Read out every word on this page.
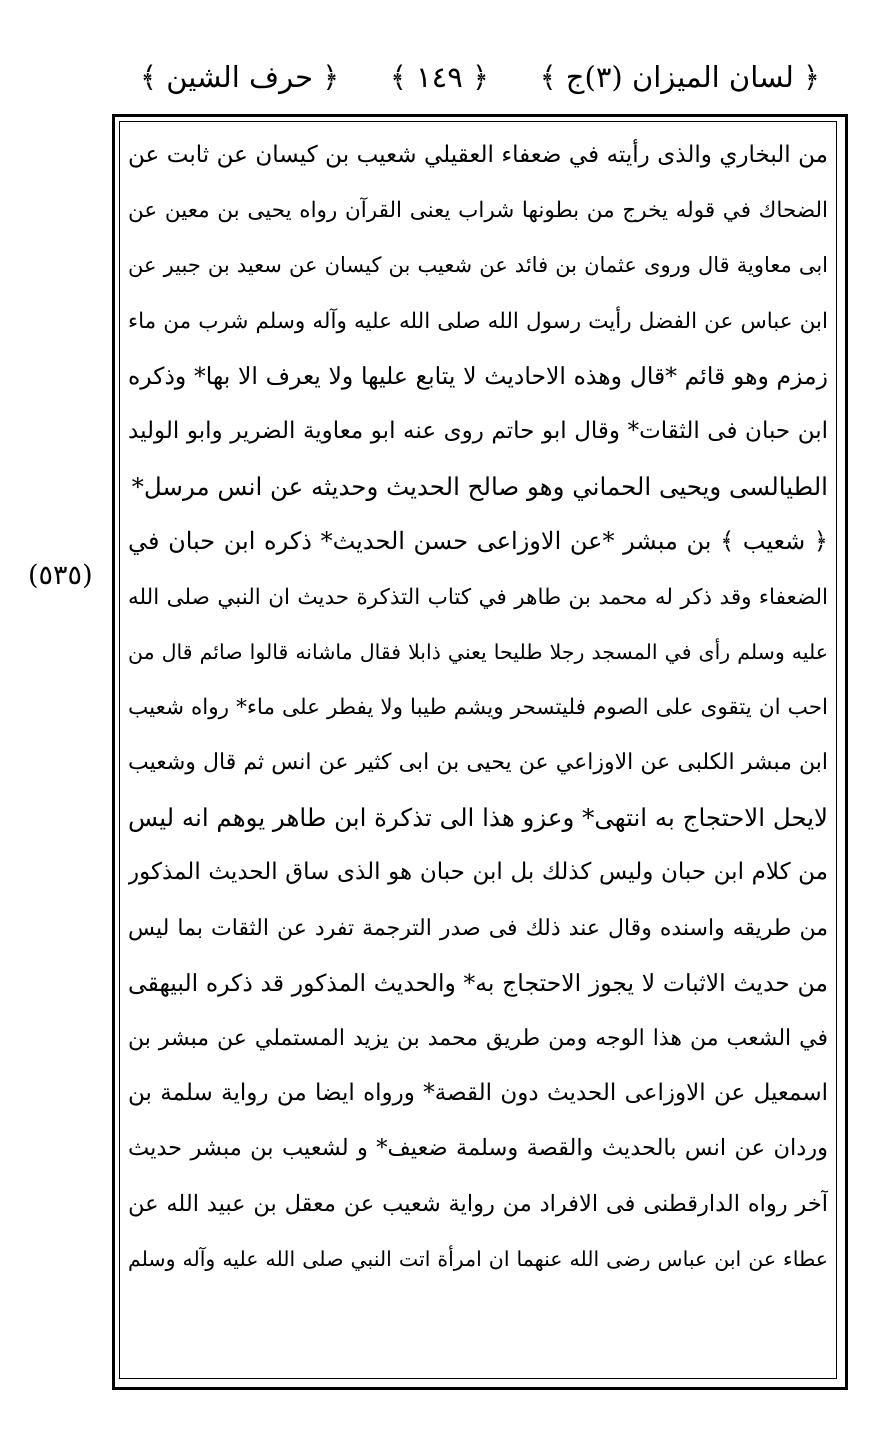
﴿ حرف الشين ﴾ ﴿ ١٤٩ ﴾ ﴿ لسان الميزان (٣)ج ﴾
(٥٣٥)
من البخاري والذى رأيته في ضعفاء العقيلي شعيب بن كيسان عن ثابت عن
الضحاك في قوله يخرج من بطونها شراب يعنى القرآن رواه يحيى بن معين عن
ابى معاوية قال وروى عثمان بن فائد عن شعيب بن كيسان عن سعيد بن جبير عن
ابن عباس عن الفضل رأيت رسول الله صلى الله عليه وآله وسلم شرب من ماء
زمزم وهو قائم *قال وهذه الاحاديث لا يتابع عليها ولا يعرف الا بها* وذكره
ابن حبان فى الثقات* وقال ابو حاتم روى عنه ابو معاوية الضرير وابو الوليد
الطيالسى ويحيى الحماني وهو صالح الحديث وحديثه عن انس مرسل*
﴿ شعيب ﴾ بن مبشر *عن الاوزاعى حسن الحديث* ذكره ابن حبان في
الضعفاء وقد ذكر له محمد بن طاهر في كتاب التذكرة حديث ان النبي صلى الله
عليه وسلم رأى في المسجد رجلا طليحا يعني ذابلا فقال ماشانه قالوا صائم قال من
احب ان يتقوى على الصوم فليتسحر ويشم طيبا ولا يفطر على ماء* رواه شعيب
ابن مبشر الكلبى عن الاوزاعي عن يحيى بن ابى كثير عن انس ثم قال وشعيب
لايحل الاحتجاج به انتهى* وعزو هذا الى تذكرة ابن طاهر يوهم انه ليس
من كلام ابن حبان وليس كذلك بل ابن حبان هو الذى ساق الحديث المذكور
من طريقه واسنده وقال عند ذلك فى صدر الترجمة تفرد عن الثقات بما ليس
من حديث الاثبات لا يجوز الاحتجاج به* والحديث المذكور قد ذكره البيهقى
في الشعب من هذا الوجه ومن طريق محمد بن يزيد المستملي عن مبشر بن
اسمعيل عن الاوزاعى الحديث دون القصة* ورواه ايضا من رواية سلمة بن
وردان عن انس بالحديث والقصة وسلمة ضعيف* و لشعيب بن مبشر حديث
آخر رواه الدارقطنى فى الافراد من رواية شعيب عن معقل بن عبيد الله عن
عطاء عن ابن عباس رضى الله عنهما ان امرأة اتت النبي صلى الله عليه وآله وسلم
